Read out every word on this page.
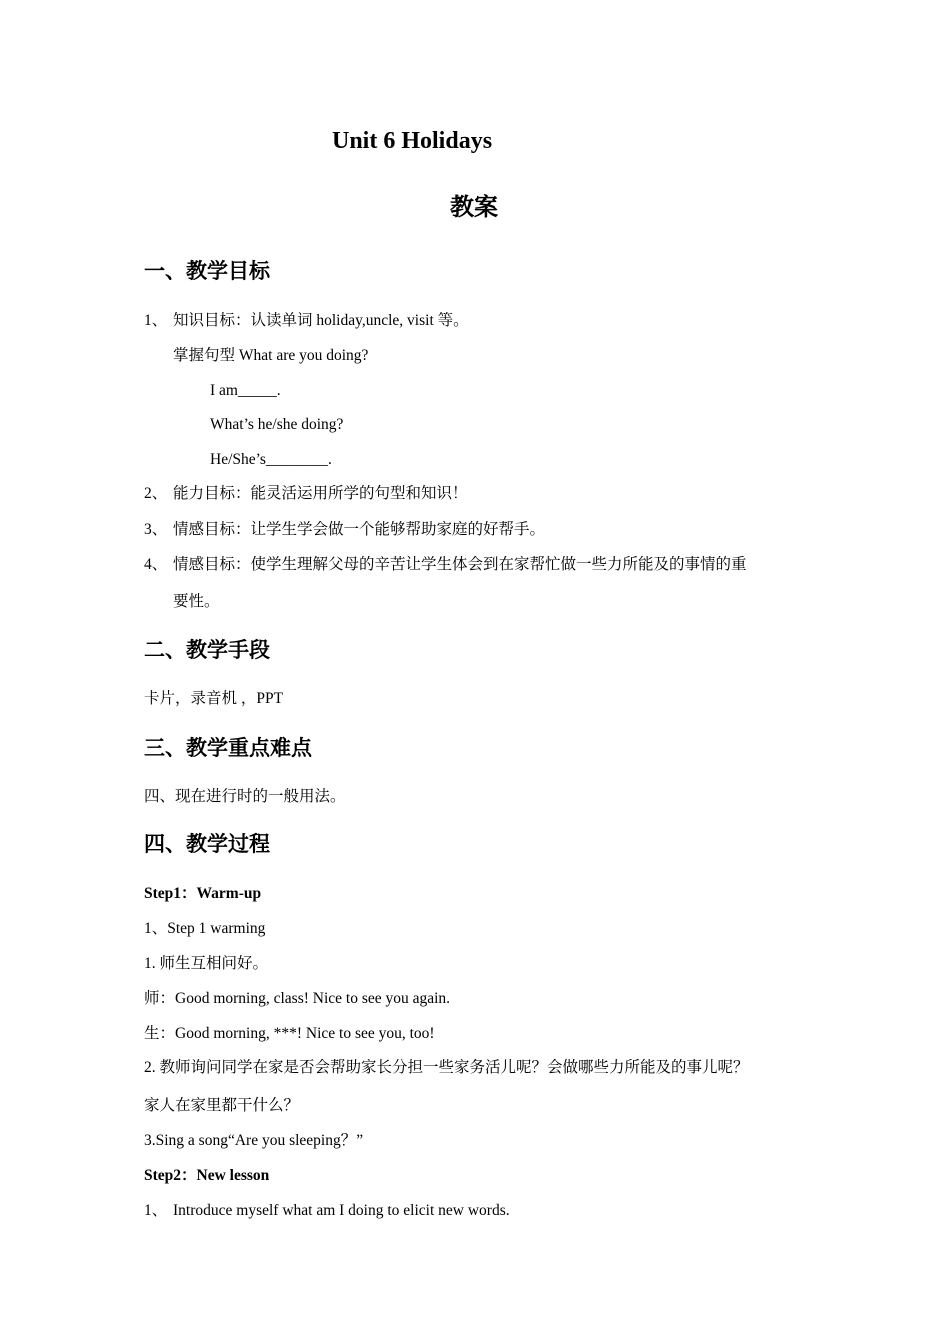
Unit 6 Holidays
教案
一、教学目标
1、 知识目标：认读单词 holiday,uncle, visit 等。
掌握句型 What are you doing?
I am_____.
What’s he/she doing?
He/She’s________.
2、 能力目标：能灵活运用所学的句型和知识！
3、 情感目标：让学生学会做一个能够帮助家庭的好帮手。
4、 情感目标：使学生理解父母的辛苦让学生体会到在家帮忙做一些力所能及的事情的重
要性。
二、教学手段
卡片，录音机 ，PPT
三、教学重点难点
四、现在进行时的一般用法。
四、教学过程
Step1：Warm-up
1、Step 1 warming
1. 师生互相问好。
师：Good morning, class! Nice to see you again.
生：Good morning, ***! Nice to see you, too!
2. 教师询问同学在家是否会帮助家长分担一些家务活儿呢？会做哪些力所能及的事儿呢？
家人在家里都干什么？
3.Sing a song“Are you sleeping？”
Step2：New lesson
1、 Introduce myself what am I doing to elicit new words.
